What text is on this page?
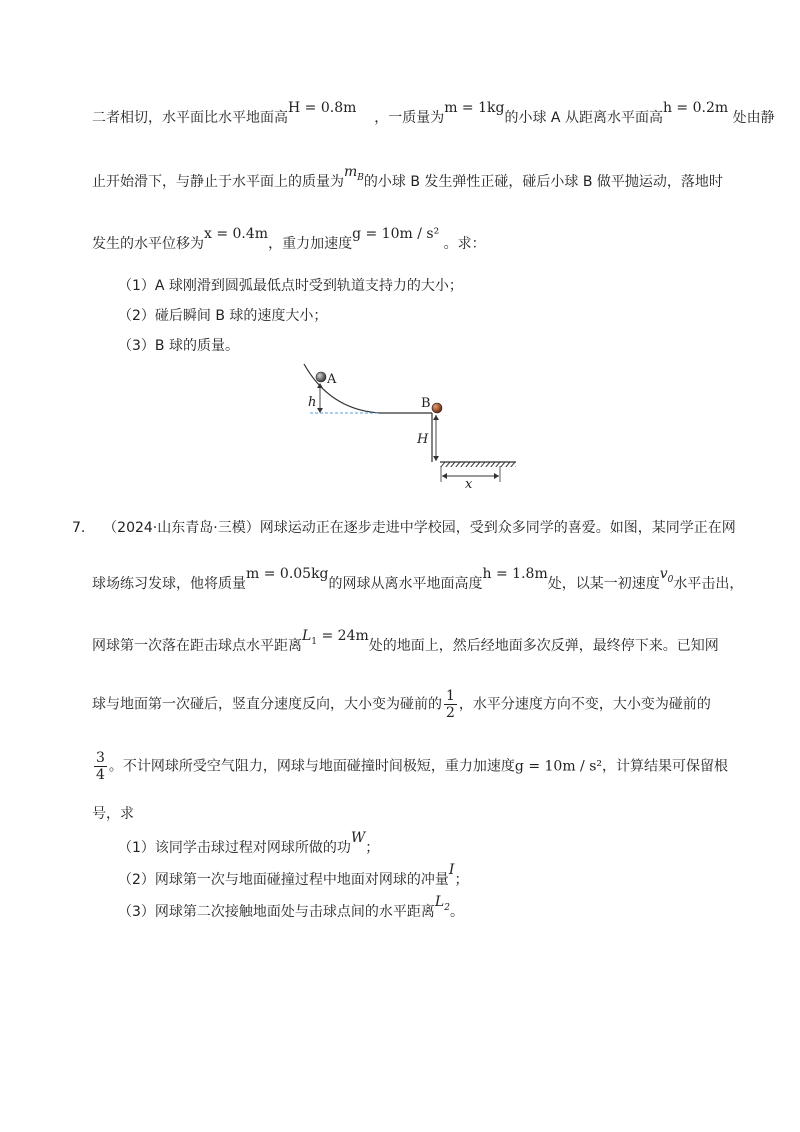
二者相切，水平面比水平地面高H = 0.8m    ，一质量为m = 1kg的小球 A 从距离水平面高h = 0.2m 处由静
止开始滑下，与静止于水平面上的质量为$m_B$的小球 B 发生弹性正碰，碰后小球 B 做平抛运动，落地时
发生的水平位移为x = 0.4m，重力加速度g = 10m / s² 。求：
（1）A 球刚滑到圆弧最低点时受到轨道支持力的大小；
（2）碰后瞬间 B 球的速度大小；
（3）B 球的质量。
A
h	B
H
x
7. （2024·山东青岛·三模）网球运动正在逐步走进中学校园，受到众多同学的喜爱。如图，某同学正在网
球场练习发球，他将质量m = 0.05kg的网球从离水平地面高度h = 1.8m处，以某一初速度$v_0$水平击出，
网球第一次落在距击球点水平距离$L_1 = 24m$处的地面上，然后经地面多次反弹，最终停下来。已知网
球与地面第一次碰后，竖直分速度反向，大小变为碰前的 $\frac{1}{2}$ ，水平分速度方向不变，大小变为碰前的
$\frac{3}{4}$ 。不计网球所受空气阻力，网球与地面碰撞时间极短，重力加速度g = 10m / s²，计算结果可保留根
号，求
（1）该同学击球过程对网球所做的功W；
（2）网球第一次与地面碰撞过程中地面对网球的冲量I；
（3）网球第二次接触地面处与击球点间的水平距离$L_2$。
